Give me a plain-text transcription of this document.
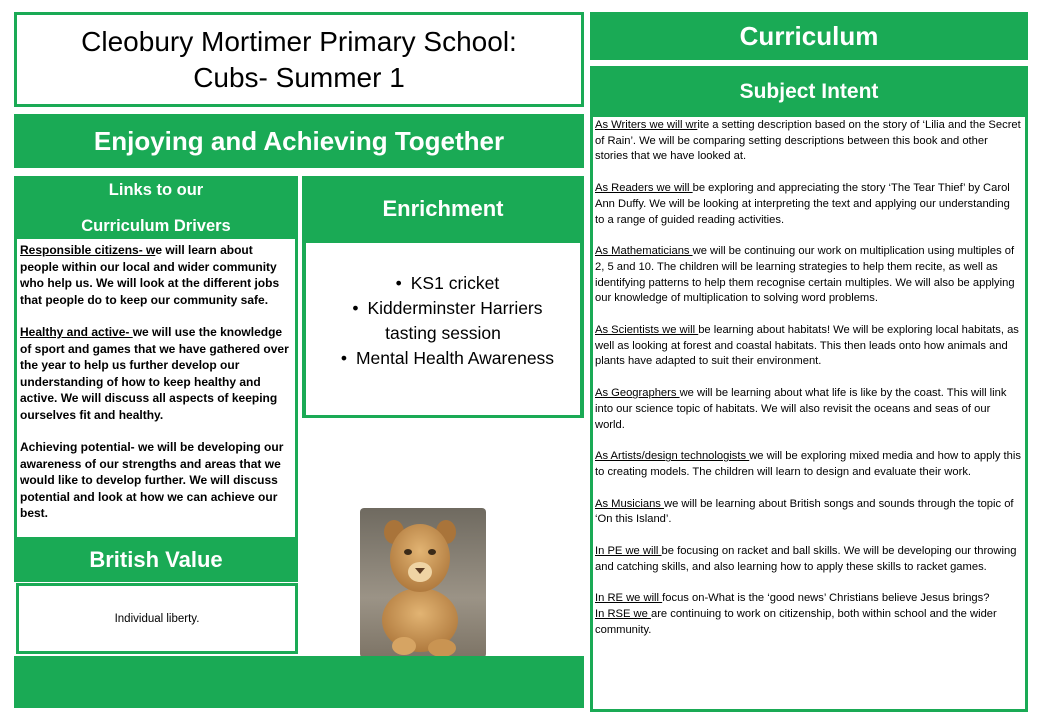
Cleobury Mortimer Primary School:
Cubs- Summer 1
Enjoying and Achieving Together
Links to our
Curriculum Drivers

Responsible citizens- we will learn about people within our local and wider community who help us. We will look at the different jobs that people do to keep our community safe.

Healthy and active- we will use the knowledge of sport and games that we have gathered over the year to help us further develop our understanding of how to keep healthy and active. We will discuss all aspects of keeping ourselves fit and healthy.

Achieving potential- we will be developing our awareness of our strengths and areas that we would like to develop further. We will discuss potential and look at how we can achieve our best.

British Value
Individual liberty.
Enrichment
• KS1 cricket
• Kidderminster Harriers tasting session
• Mental Health Awareness
Curriculum
Subject Intent

As Writers we will write a setting description based on the story of ‘Lilia and the Secret of Rain’. We will be comparing setting descriptions between this book and other stories that we have looked at.

As Readers we will be exploring and appreciating the story ‘The Tear Thief’ by Carol Ann Duffy. We will be looking at interpreting the text and applying our understanding to a range of guided reading activities.

As Mathematicians we will be continuing our work on multiplication using multiples of 2, 5 and 10. The children will be learning strategies to help them recite, as well as identifying patterns to help them recognise certain multiples. We will also be applying our knowledge of multiplication to solving word problems.

As Scientists we will be learning about habitats! We will be exploring local habitats, as well as looking at forest and coastal habitats. This then leads onto how animals and plants have adapted to suit their environment.

As Geographers we will be learning about what life is like by the coast. This will link into our science topic of habitats. We will also revisit the oceans and seas of our world.

As Artists/design technologists we will be exploring mixed media and how to apply this to creating models. The children will learn to design and evaluate their work.

As Musicians we will be learning about British songs and sounds through the topic of ‘On this Island’.

In PE we will be focusing on racket and ball skills. We will be developing our throwing and catching skills, and also learning how to apply these skills to racket games.

In RE we will focus on-What is the ‘good news’ Christians believe Jesus brings?

In RSE we are continuing to work on citizenship, both within school and the wider community.
